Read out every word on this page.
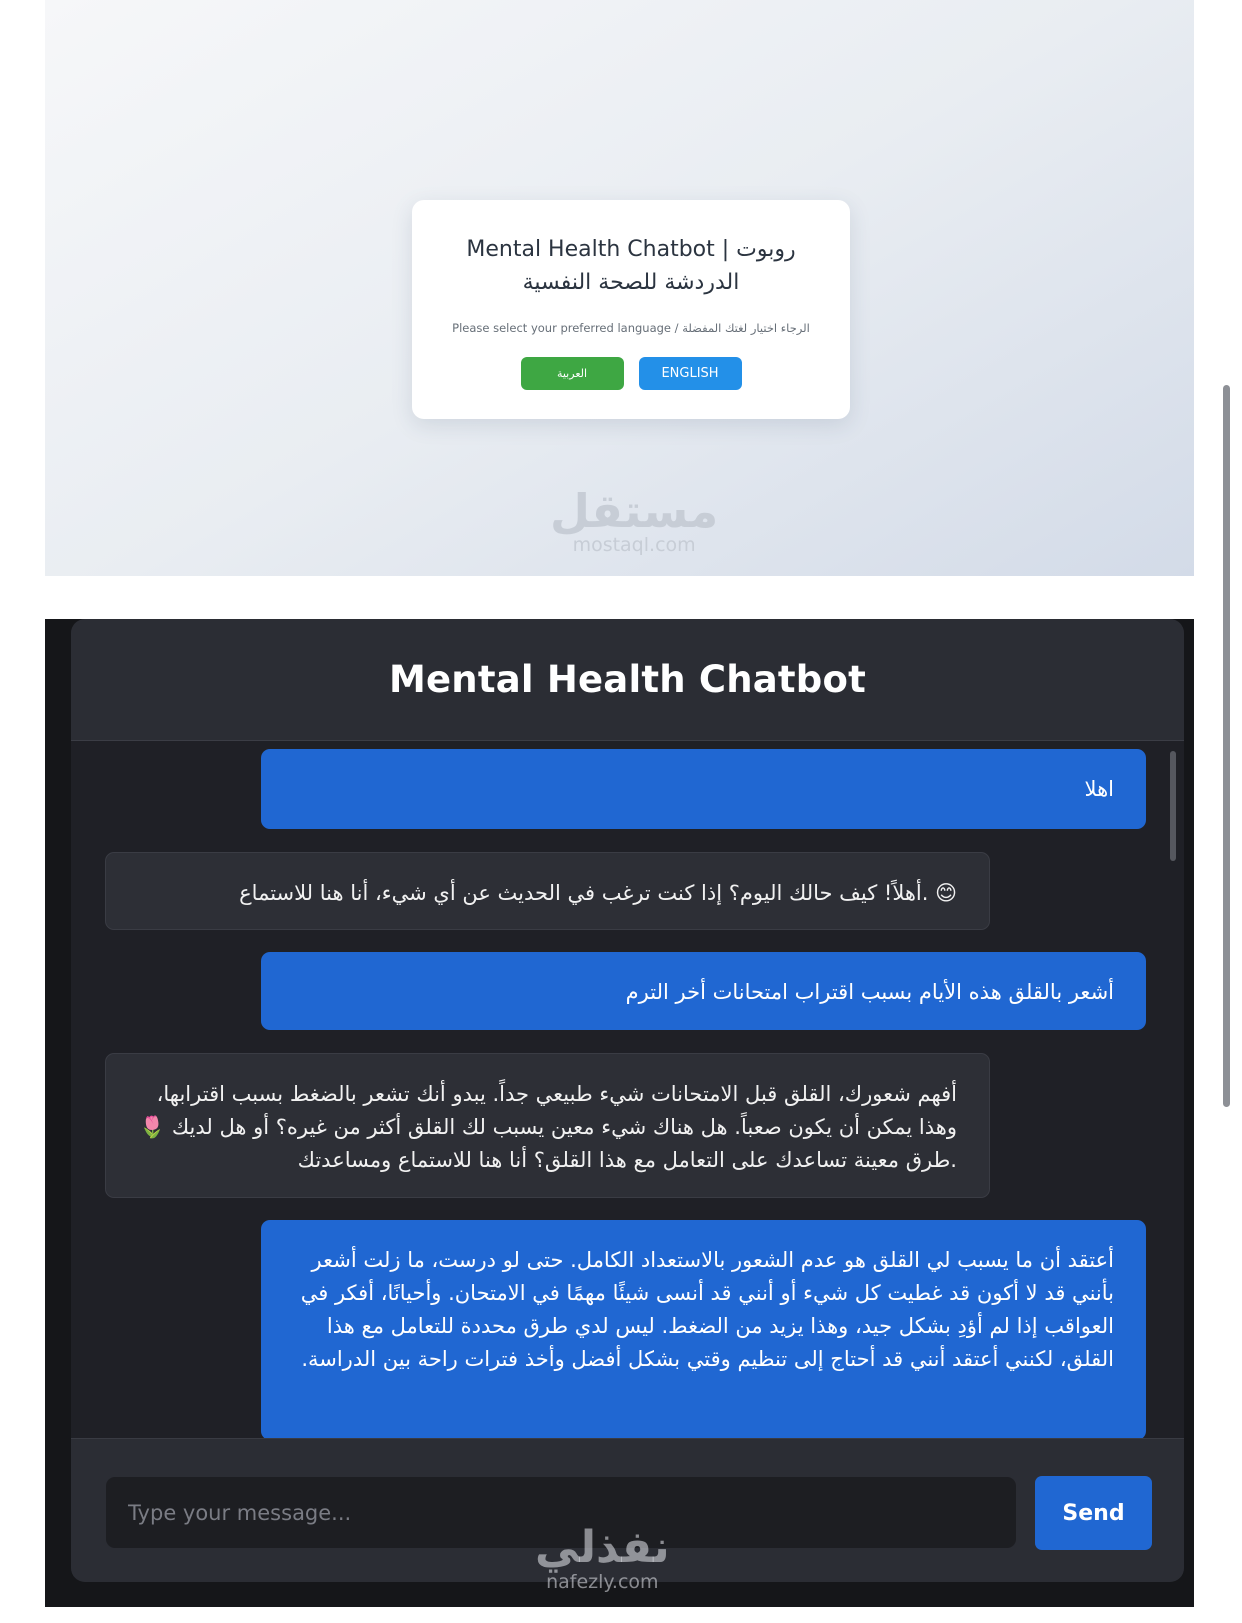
Mental Health Chatbot | روبوت الدردشة للصحة النفسية
Please select your preferred language / الرجاء اختيار لغتك المفضلة
العربية	ENGLISH
مستقل
mostaql.com
Mental Health Chatbot
اهلا
😊 .أهلاً! كيف حالك اليوم؟ إذا كنت ترغب في الحديث عن أي شيء، أنا هنا للاستماع
أشعر بالقلق هذه الأيام بسبب اقتراب امتحانات أخر الترم
أفهم شعورك، القلق قبل الامتحانات شيء طبيعي جداً. يبدو أنك تشعر بالضغط بسبب اقترابها، وهذا يمكن أن يكون صعباً. هل هناك شيء معين يسبب لك القلق أكثر من غيره؟ أو هل لديك 🌷 .طرق معينة تساعدك على التعامل مع هذا القلق؟ أنا هنا للاستماع ومساعدتك
أعتقد أن ما يسبب لي القلق هو عدم الشعور بالاستعداد الكامل. حتى لو درست، ما زلت أشعر بأنني قد لا أكون قد غطيت كل شيء أو أنني قد أنسى شيئًا مهمًا في الامتحان. وأحيانًا، أفكر في العواقب إذا لم أؤدِ بشكل جيد، وهذا يزيد من الضغط. ليس لدي طرق محددة للتعامل مع هذا القلق، لكنني أعتقد أنني قد أحتاج إلى تنظيم وقتي بشكل أفضل وأخذ فترات راحة بين الدراسة.
Type your message...
Send
نفذلي
nafezly.com
